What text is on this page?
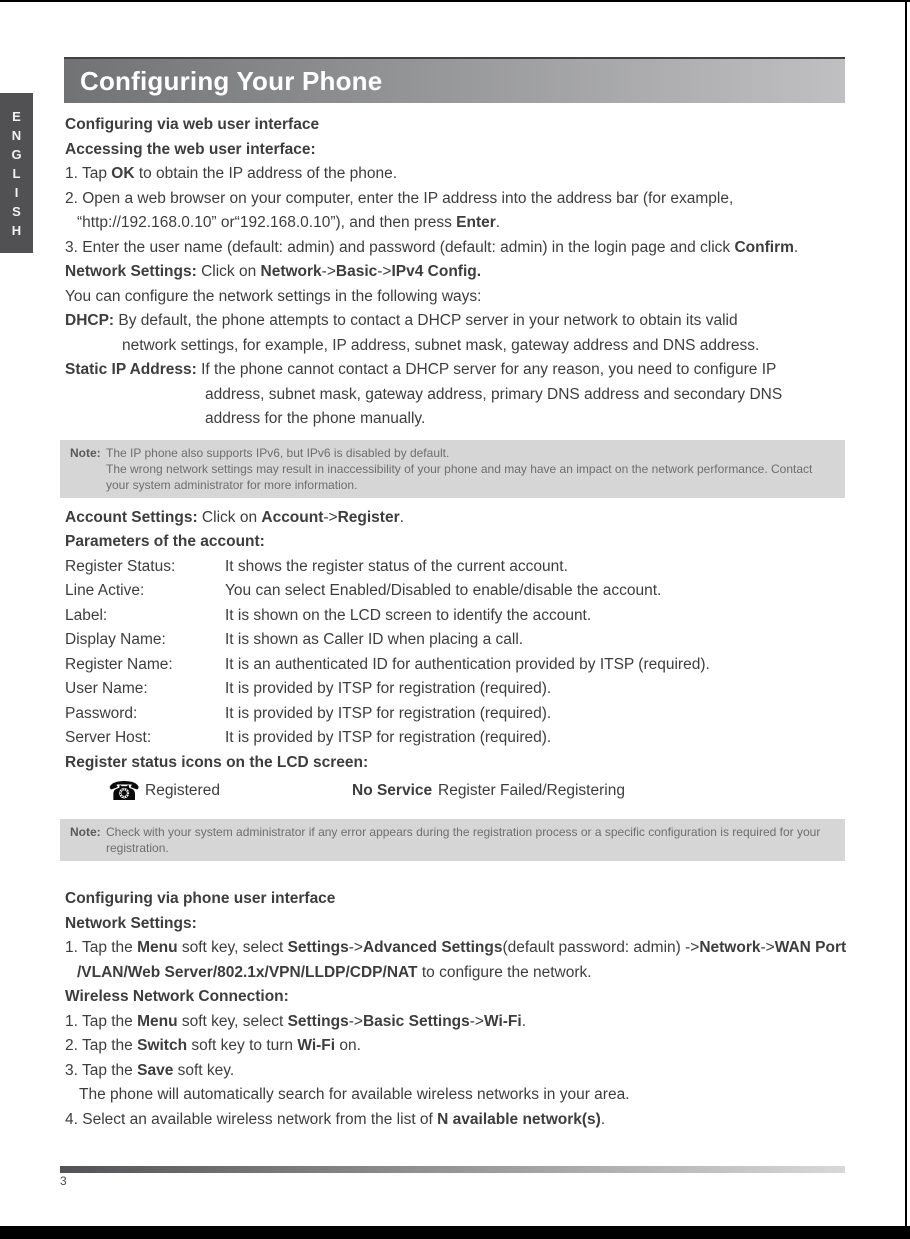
E
N
G
L
I
S
H
Configuring Your Phone
Configuring via web user interface
Accessing the web user interface:
1. Tap OK to obtain the IP address of the phone.
2. Open a web browser on your computer, enter the IP address into the address bar (for example,
“http://192.168.0.10” or“192.168.0.10”), and then press Enter.
3. Enter the user name (default: admin) and password (default: admin) in the login page and click Confirm.
Network Settings: Click on Network->Basic->IPv4 Config.
You can configure the network settings in the following ways:
DHCP: By default, the phone attempts to contact a DHCP server in your network to obtain its valid
network settings, for example, IP address, subnet mask, gateway address and DNS address.
Static IP Address: If the phone cannot contact a DHCP server for any reason, you need to configure IP
address, subnet mask, gateway address, primary DNS address and secondary DNS
address for the phone manually.
Note: The IP phone also supports IPv6, but IPv6 is disabled by default.

The wrong network settings may result in inaccessibility of your phone and may have an impact on the network performance. Contact your system administrator for more information.

Account Settings: Click on Account->Register.
Parameters of the account:
Register Status:	It shows the register status of the current account.
Line Active:	You can select Enabled/Disabled to enable/disable the account.
Label:	It is shown on the LCD screen to identify the account.
Display Name:	It is shown as Caller ID when placing a call.
Register Name:	It is an authenticated ID for authentication provided by ITSP (required).
User Name:	It is provided by ITSP for registration (required).
Password:	It is provided by ITSP for registration (required).
Server Host:	It is provided by ITSP for registration (required).
Register status icons on the LCD screen:
☎ Registered	No Service Register Failed/Registering
Note: Check with your system administrator if any error appears during the registration process or a specific configuration is required for your registration.

Configuring via phone user interface
Network Settings:
1. Tap the Menu soft key, select Settings->Advanced Settings(default password: admin) ->Network->WAN Port
/VLAN/Web Server/802.1x/VPN/LLDP/CDP/NAT to configure the network.
Wireless Network Connection:
1. Tap the Menu soft key, select Settings->Basic Settings->Wi-Fi.
2. Tap the Switch soft key to turn Wi-Fi on.
3. Tap the Save soft key.
The phone will automatically search for available wireless networks in your area.
4. Select an available wireless network from the list of N available network(s).
3
